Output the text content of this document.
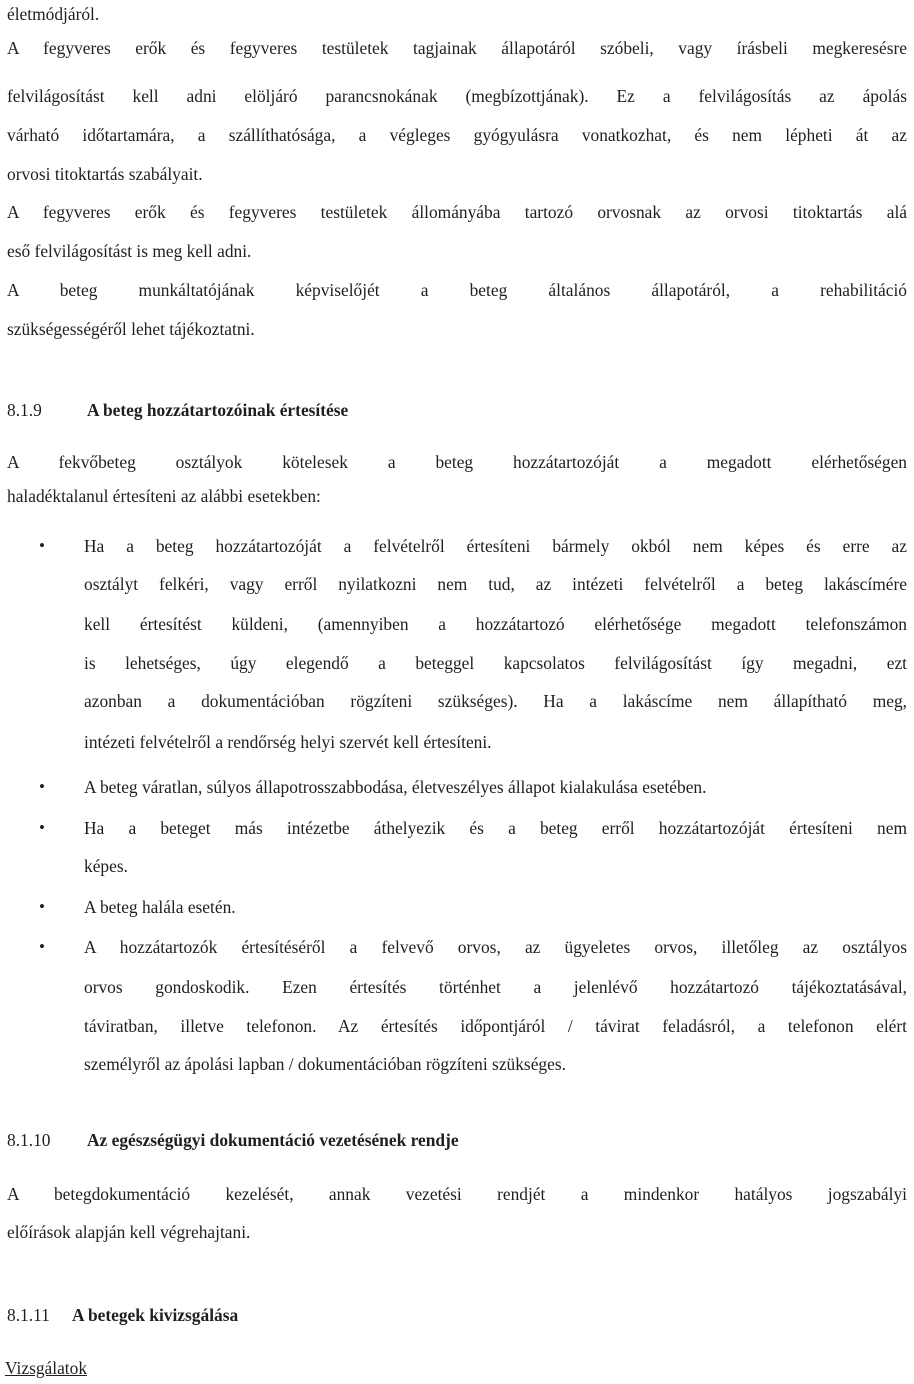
életmódjáról.
A fegyveres erők és fegyveres testületek tagjainak állapotáról szóbeli, vagy írásbeli megkeresésre
felvilágosítást kell adni elöljáró parancsnokának (megbízottjának). Ez a felvilágosítás az ápolás
várható időtartamára, a szállíthatósága, a végleges gyógyulásra vonatkozhat, és nem lépheti át az
orvosi titoktartás szabályait.
A fegyveres erők és fegyveres testületek állományába tartozó orvosnak az orvosi titoktartás alá
eső felvilágosítást is meg kell adni.
A beteg munkáltatójának képviselőjét a beteg általános állapotáról, a rehabilitáció
szükségességéről lehet tájékoztatni.
8.1.9	A beteg hozzátartozóinak értesítése
A fekvőbeteg osztályok kötelesek a beteg hozzátartozóját a megadott elérhetőségen
haladéktalanul értesíteni az alábbi esetekben:
• Ha a beteg hozzátartozóját a felvételről értesíteni bármely okból nem képes és erre az
osztályt felkéri, vagy erről nyilatkozni nem tud, az intézeti felvételről a beteg lakáscímére
kell értesítést küldeni, (amennyiben a hozzátartozó elérhetősége megadott telefonszámon
is lehetséges, úgy elegendő a beteggel kapcsolatos felvilágosítást így megadni, ezt
azonban a dokumentációban rögzíteni szükséges). Ha a lakáscíme nem állapítható meg,
intézeti felvételről a rendőrség helyi szervét kell értesíteni.
• A beteg váratlan, súlyos állapotrosszabbodása, életveszélyes állapot kialakulása esetében.
• Ha a beteget más intézetbe áthelyezik és a beteg erről hozzátartozóját értesíteni nem
képes.
• A beteg halála esetén.
• A hozzátartozók értesítéséről a felvevő orvos, az ügyeletes orvos, illetőleg az osztályos
orvos gondoskodik. Ezen értesítés történhet a jelenlévő hozzátartozó tájékoztatásával,
táviratban, illetve telefonon. Az értesítés időpontjáról / távirat feladásról, a telefonon elért
személyről az ápolási lapban / dokumentációban rögzíteni szükséges.
8.1.10 Az egészségügyi dokumentáció vezetésének rendje
A betegdokumentáció kezelését, annak vezetési rendjét a mindenkor hatályos jogszabályi
előírások alapján kell végrehajtani.
8.1.11 A betegek kivizsgálása
Vizsgálatok
